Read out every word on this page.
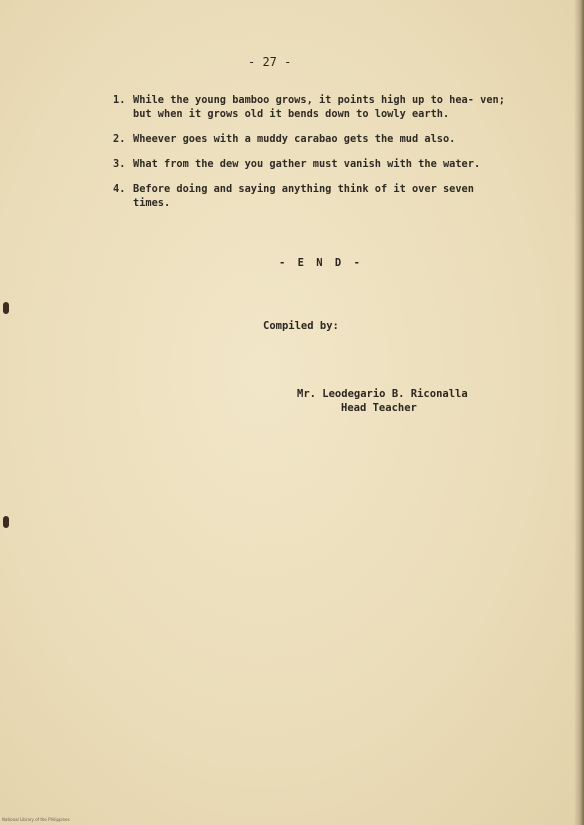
- 27 -
1. While the young bamboo grows, it points high up to hea- ven; but when it grows old it bends down to lowly earth.
2. Wheever goes with a muddy carabao gets the mud also.
3. What from the dew you gather must vanish with the water.
4. Before doing and saying anything think of it over seven times.
- E N D -
Compiled by:
Mr. Leodegario B. Riconalla
Head Teacher
National Library of the Philippines
